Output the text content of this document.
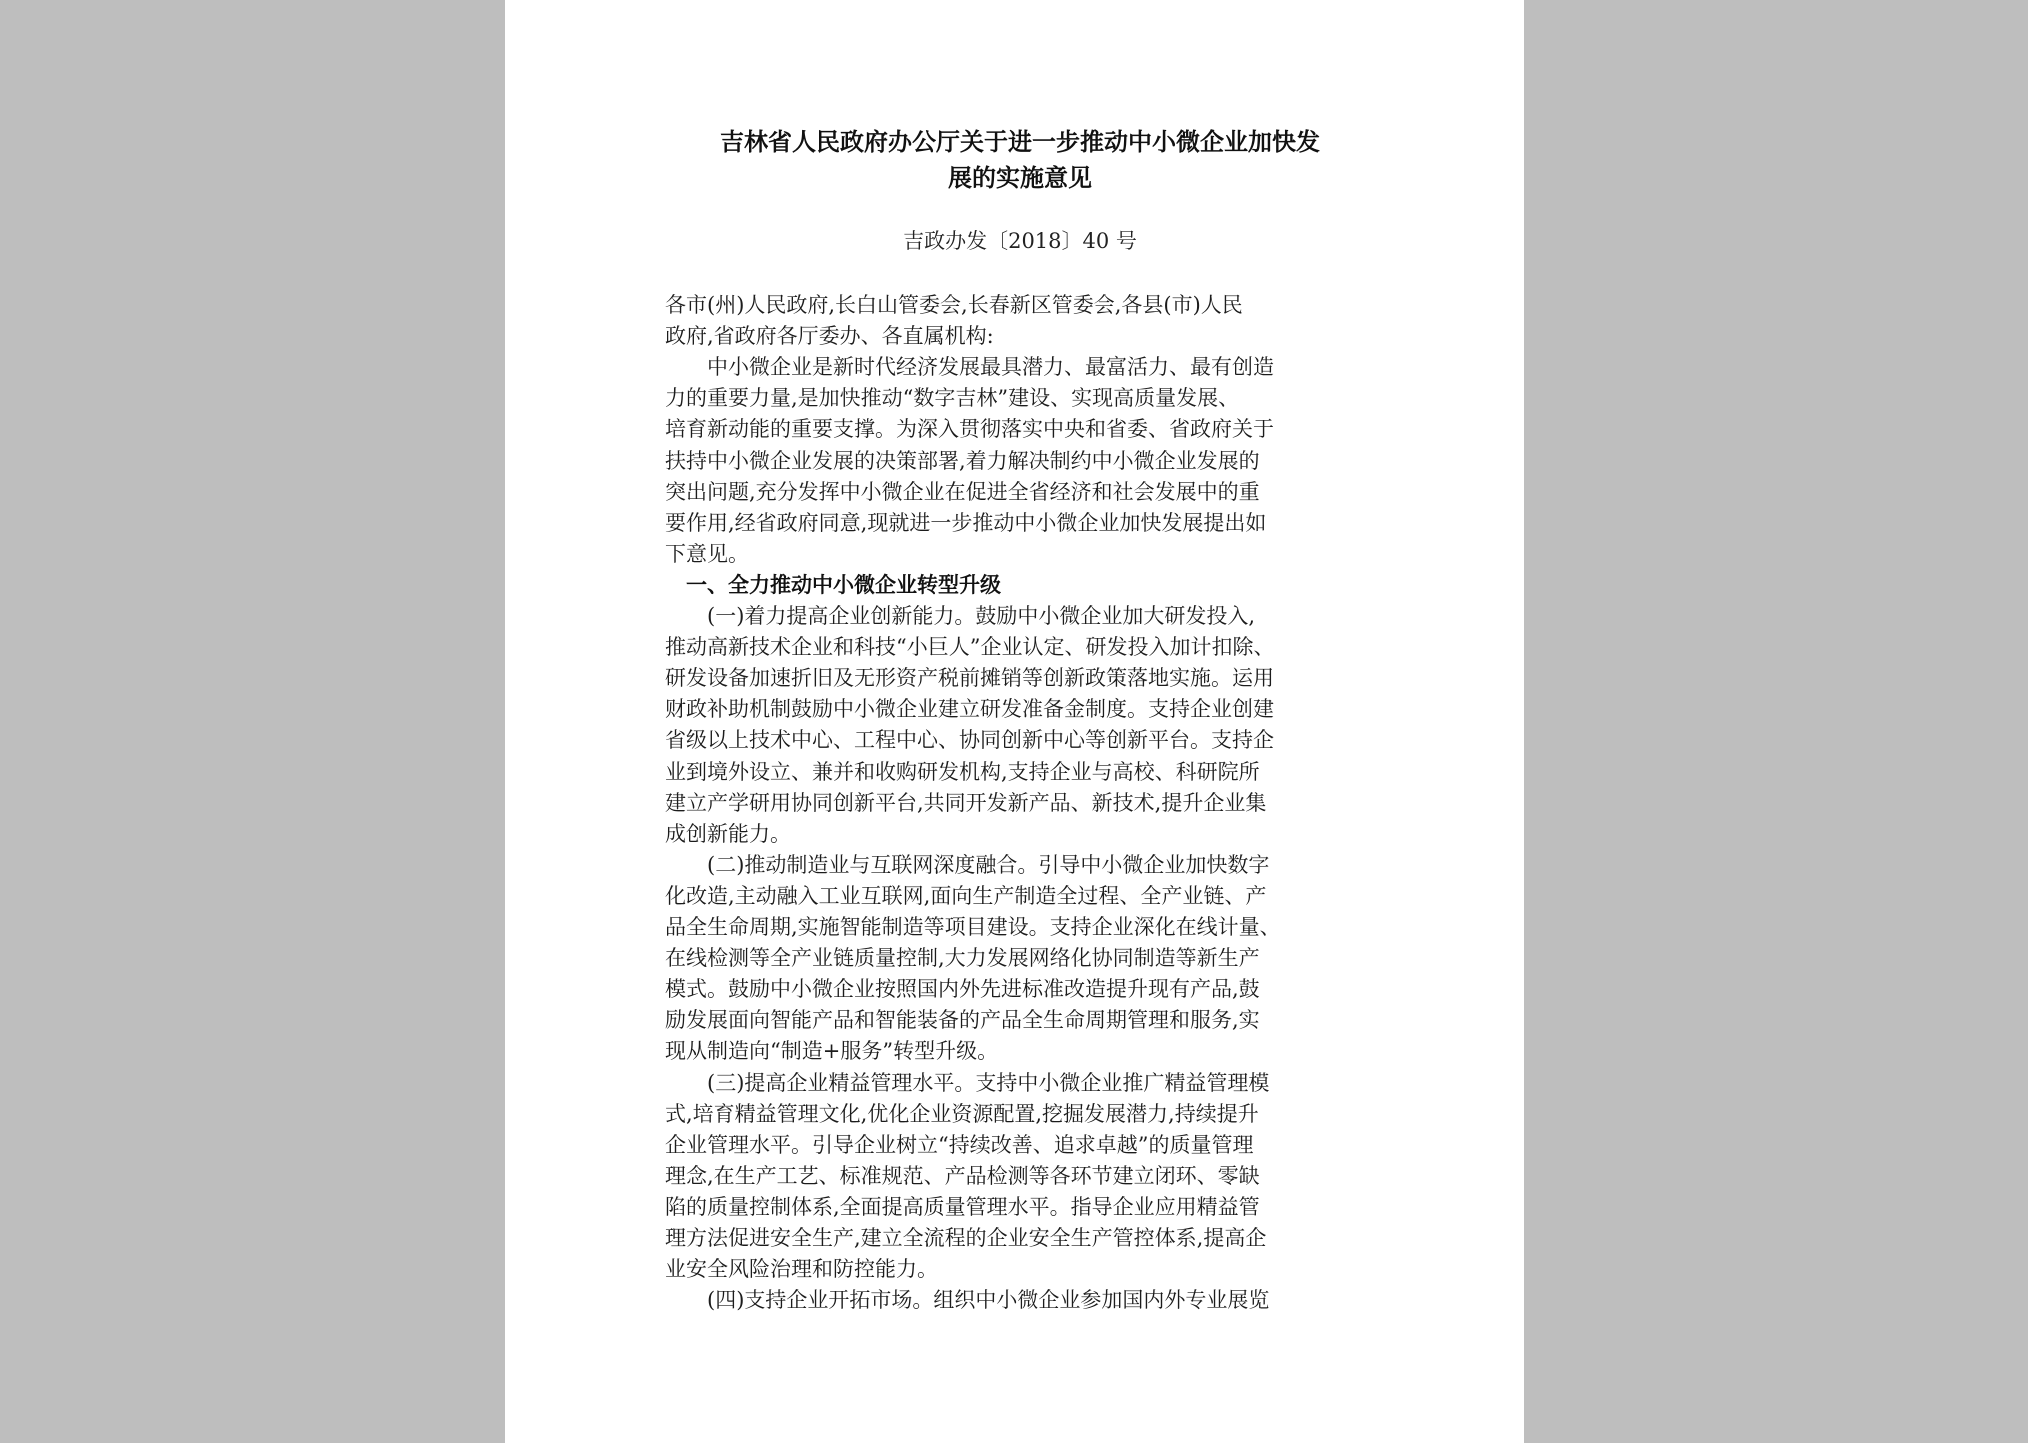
吉林省人民政府办公厅关于进一步推动中小微企业加快发
展的实施意见
吉政办发〔2018〕40 号
各市(州)人民政府,长白山管委会,长春新区管委会,各县(市)人民
政府,省政府各厅委办、各直属机构:
中小微企业是新时代经济发展最具潜力、最富活力、最有创造
力的重要力量,是加快推动“数字吉林”建设、实现高质量发展、
培育新动能的重要支撑。为深入贯彻落实中央和省委、省政府关于
扶持中小微企业发展的决策部署,着力解决制约中小微企业发展的
突出问题,充分发挥中小微企业在促进全省经济和社会发展中的重
要作用,经省政府同意,现就进一步推动中小微企业加快发展提出如
下意见。
一、全力推动中小微企业转型升级
(一)着力提高企业创新能力。鼓励中小微企业加大研发投入,
推动高新技术企业和科技“小巨人”企业认定、研发投入加计扣除、
研发设备加速折旧及无形资产税前摊销等创新政策落地实施。运用
财政补助机制鼓励中小微企业建立研发准备金制度。支持企业创建
省级以上技术中心、工程中心、协同创新中心等创新平台。支持企
业到境外设立、兼并和收购研发机构,支持企业与高校、科研院所
建立产学研用协同创新平台,共同开发新产品、新技术,提升企业集
成创新能力。
(二)推动制造业与互联网深度融合。引导中小微企业加快数字
化改造,主动融入工业互联网,面向生产制造全过程、全产业链、产
品全生命周期,实施智能制造等项目建设。支持企业深化在线计量、
在线检测等全产业链质量控制,大力发展网络化协同制造等新生产
模式。鼓励中小微企业按照国内外先进标准改造提升现有产品,鼓
励发展面向智能产品和智能装备的产品全生命周期管理和服务,实
现从制造向“制造+服务”转型升级。
(三)提高企业精益管理水平。支持中小微企业推广精益管理模
式,培育精益管理文化,优化企业资源配置,挖掘发展潜力,持续提升
企业管理水平。引导企业树立“持续改善、追求卓越”的质量管理
理念,在生产工艺、标准规范、产品检测等各环节建立闭环、零缺
陷的质量控制体系,全面提高质量管理水平。指导企业应用精益管
理方法促进安全生产,建立全流程的企业安全生产管控体系,提高企
业安全风险治理和防控能力。
(四)支持企业开拓市场。组织中小微企业参加国内外专业展览
